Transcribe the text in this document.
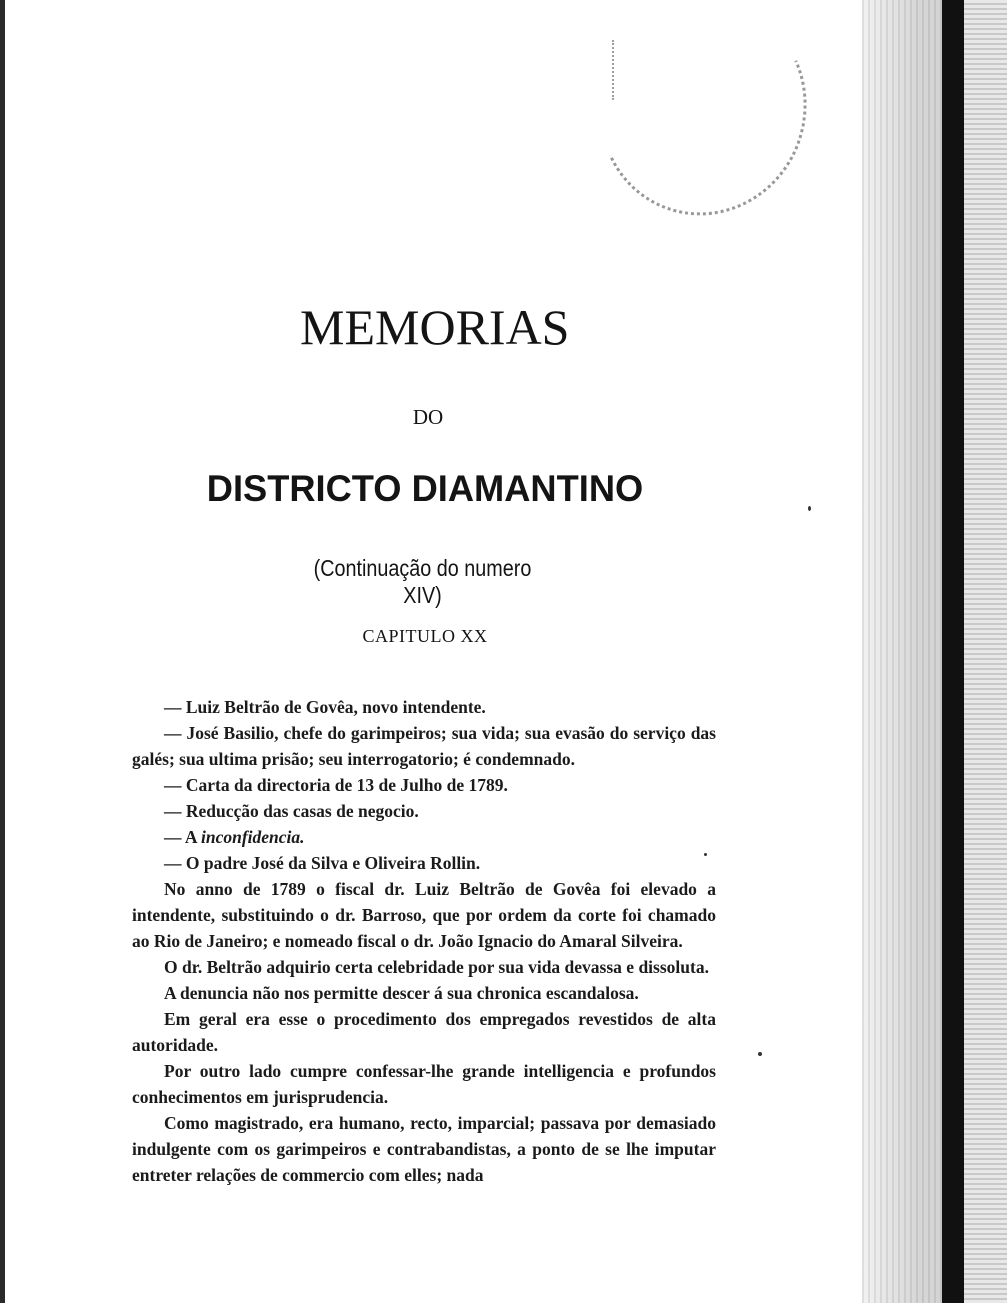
MEMORIAS
DO
DISTRICTO DIAMANTINO
(Continuação do numero XIV)
CAPITULO XX

— Luiz Beltrão de Govêa, novo intendente.

— José Basilio, chefe do garimpeiros; sua vida; sua evasão do serviço das galés; sua ultima prisão; seu interrogatorio; é condemnado.

— Carta da directoria de 13 de Julho de 1789.

— Reducção das casas de negocio.

— A inconfidencia.

— O padre José da Silva e Oliveira Rollin.

No anno de 1789 o fiscal dr. Luiz Beltrão de Govêa foi elevado a intendente, substituindo o dr. Barroso, que por ordem da corte foi chamado ao Rio de Janeiro; e nomeado fiscal o dr. João Ignacio do Amaral Silveira.

O dr. Beltrão adquirio certa celebridade por sua vida devassa e dissoluta.

A denuncia não nos permitte descer á sua chronica escandalosa.

Em geral era esse o procedimento dos empregados revestidos de alta autoridade.

Por outro lado cumpre confessar-lhe grande intelligencia e profundos conhecimentos em jurisprudencia.

Como magistrado, era humano, recto, imparcial; passava por demasiado indulgente com os garimpeiros e contrabandistas, a ponto de se lhe imputar entreter relações de commercio com elles; nada
